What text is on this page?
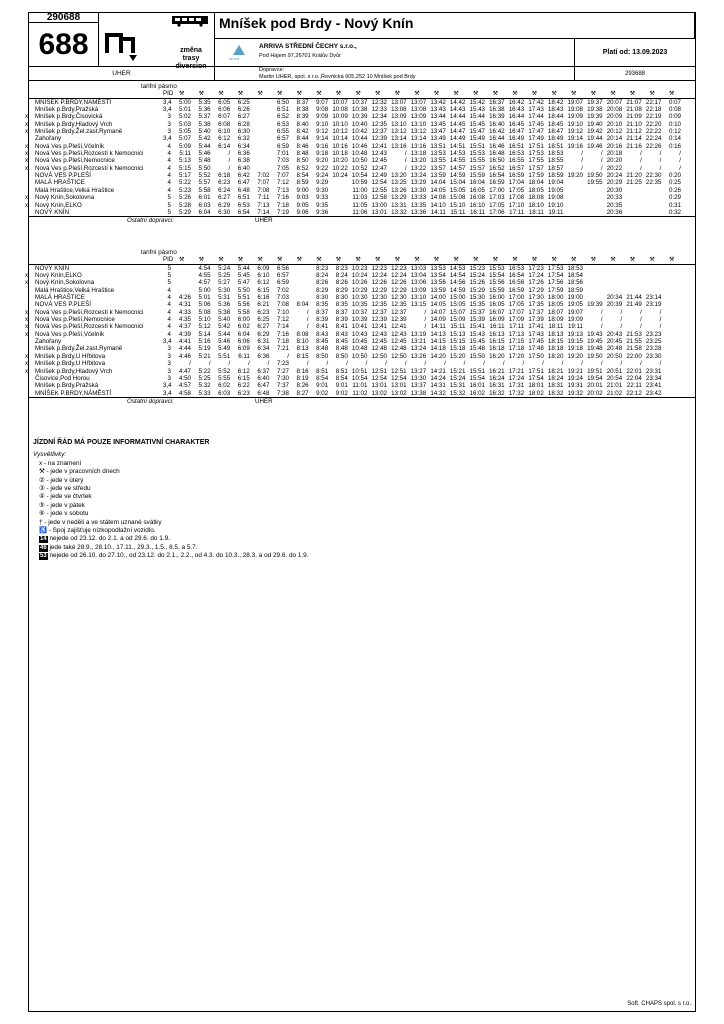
290688
688	změna trasy diversion
Mníšek pod Brdy - Nový Knín
arriva
ARRIVA STŘEDNÍ ČECHY s.r.o.,
Pod Hájem 97,26701 Králův Dvůr	Platí od: 13.09.2023
UHER	Dopravce:
Martin UHER, spol. s r.o.,Řevnická 605,252 10 Mníšek pod Brdy	293688
tarifní pásmo
PID ⚒ ⚒ ⚒ ⚒ ⚒ ⚒ ⚒ ⚒ ⚒ ⚒ ⚒ ⚒ ⚒ ⚒ ⚒ ⚒ ⚒ ⚒ ⚒ ⚒ ⚒ ⚒ ⚒ ⚒ ⚒ ⚒
MNÍŠEK P.BRDY,NÁMĚSTÍ	3,4	5:00	5:35	6:05	6:25	6:50	8:37	9:07 10:07 10:37 12:32 13:07 13:07 13:42 14:42 15:42 16:37 16:42 17:42 18:42 19:07 19:37 20:07 21:07 22:17	0:07
Mníšek p.Brdy,Pražská	3,4	5:01	5:36	6:06	6:26	6:51	8:38	9:08 10:08 10:38 12:33 13:08 13:08 13:43 14:43 15:43 16:38 16:43 17:43 18:43 19:08 19:38 20:08 21:08 22:18	0:08
x Mníšek p.Brdy,Čisovická	3	5:02	5:37	6:07	6:27	6:52	8:39	9:09 10:09 10:39 12:34 13:09 13:09 13:44 14:44 15:44 16:39 16:44 17:44 18:44 19:09 19:39 20:09 21:09 22:19	0:09
x Mníšek p.Brdy,Hladový Vrch	3	5:03	5:38	6:08	6:28	6:53	8:40	9:10 10:10 10:40 12:35 13:10 13:10 13:45 14:45 15:45 16:40 16:45 17:45 18:45 19:10 19:40 20:10 21:10 22:20	0:10
x Mníšek p.Brdy,Žel.zast.Rymaně	3	5:05	5:40	6:10	6:30	6:55	8:42	9:12 10:12 10:42 12:37 13:12 13:12 13:47 14:47 15:47 16:42 16:47 17:47 18:47 19:12 19:42 20:12 21:12 22:22	0:12
Zahořany	3,4	5:07	5:42	6:12	6:32	6:57	8:44	9:14 10:14 10:44 12:39 13:14 13:14 13:49 14:49 15:49 16:44 16:49 17:49 18:49 19:14 19:44 20:14 21:14 22:24	0:14
x Nová Ves p.Pleší,Včelník	4	5:09	5:44	6:14	6:34	6:59	8:46	9:16 10:16 10:46 12:41 13:16 13:16 13:51 14:51 15:51 16:46 16:51 17:51 18:51 19:16 19:46 20:16 21:16 22:26	0:16
x Nová Ves p.Pleší,Rozcestí k Nemocnici	4	5:11	5:46	/	6:36	7:01	8:48	9:18 10:18 10:48 12:43	/ 13:18 13:53 14:53 15:53 16:48 16:53 17:53 18:53	/	/ 20:18	/	/	/
x Nová Ves p.Pleší,Nemocnice	4	5:13	5:48	/	6:38	7:03	8:50	9:20 10:20 10:50 12:45	/ 13:20 13:55 14:55 15:55 16:50 16:55 17:55 18:55	/	/ 20:20	/	/	/
x Nová Ves p.Pleší,Rozcestí k Nemocnici	4	5:15	5:50	/	6:40	7:05	8:52	9:22 10:22 10:52 12:47	/ 13:22 13:57 14:57 15:57 16:52 16:57 17:57 18:57	/	/ 20:22	/	/	/
NOVÁ VES P.PLEŠÍ	4	5:17	5:52	6:18	6:42	7:02	7:07	8:54	9:24 10:24 10:54 12:49 13:20 13:24 13:59 14:59 15:59 16:54 16:59 17:59 18:59 19:20 19:50 20:24 21:20 22:30	0:20
MALÁ HRAŠTICE	4	5:22	5:57	6:23	6:47	7:07	7:12	8:59	9:29	10:59 12:54 13:25 13:29 14:04 15:04 16:04 16:59 17:04 18:04 19:04	19:55 20:29 21:25 22:35	0:25
Malá Hraštice,Velká Hraštice	4	5:23	5:58	6:24	6:48	7:08	7:13	9:00	9:30	11:00 12:55 13:26 13:30 14:05 15:05 16:05 17:00 17:05 18:05 19:05	20:30	0:26
x Nový Knín,Sokolovna	5	5:26	6:01	6:27	6:51	7:11	7:16	9:03	9:33	11:03 12:58 13:29 13:33 14:08 15:08 16:08 17:03 17:08 18:08 19:08	20:33	0:29
x Nový Knín,ELKO	5	5:28	6:03	6:29	6:53	7:13	7:18	9:05	9:35	11:05 13:00 13:31 13:35 14:10 15:10 16:10 17:05 17:10 18:10 19:10	20:35	0:31
NOVÝ KNÍN	5	5:29	6:04	6:30	6:54	7:14	7:19	9:06	9:36	11:06 13:01 13:32 13:36 14:11 15:11 16:11 17:06 17:11 18:11 19:11	20:36	0:32
Ostatní dopravci:	UHER
tarifní pásmo
PID ⚒ ⚒ ⚒ ⚒ ⚒ ⚒ ⚒ ⚒ ⚒ ⚒ ⚒ ⚒ ⚒ ⚒ ⚒ ⚒ ⚒ ⚒ ⚒ ⚒ ⚒ ⚒ ⚒ ⚒ ⚒ ⚒
NOVÝ KNÍN	5	4:54	5:24	5:44	6:09	6:56	8:23	8:23 10:23 12:23 12:23 13:03 13:53 14:53 15:23 15:53 16:53 17:23 17:53 18:53
x Nový Knín,ELKO	5	4:55	5:25	5:45	6:10	6:57	8:24	8:24 10:24 12:24 12:24 13:04 13:54 14:54 15:24 15:54 16:54 17:24 17:54 18:54
x Nový Knín,Sokolovna	5	4:57	5:27	5:47	6:12	6:59	8:26	8:26 10:26 12:26 12:26 13:06 13:56 14:56 15:26 15:56 16:56 17:26 17:56 18:56
Malá Hraštice,Velká Hraštice	4	5:00	5:30	5:50	6:15	7:02	8:29	8:29 10:29 12:29 12:29 13:09 13:59 14:59 15:29 15:59 16:59 17:29 17:59 18:59
MALÁ HRAŠTICE	4	4:26	5:01	5:31	5:51	6:16	7:03	8:30	8:30 10:30 12:30 12:30 13:10 14:00 15:00 15:30 16:00 17:00 17:30 18:00 19:00	20:34 21:44 23:14
NOVÁ VES P.PLEŠÍ	4	4:31	5:06	5:36	5:56	6:21	7:08	8:04	8:35	8:35 10:35 12:35 12:35 13:15 14:05 15:05 15:35 16:05 17:05 17:35 18:05 19:05 19:39 20:39 21:49 23:19
x Nová Ves p.Pleší,Rozcestí k Nemocnici	4	4:33	5:08	5:38	5:58	6:23	7:10	/	8:37	8:37 10:37 12:37 12:37	/ 14:07 15:07 15:37 16:07 17:07 17:37 18:07 19:07	/	/	/	/
x Nová Ves p.Pleší,Nemocnice	4	4:35	5:10	5:40	6:00	6:25	7:12	/	8:39	8:39 10:39 12:39 12:39	/ 14:09 15:09 15:39 16:09 17:09 17:39 18:09 19:09	/	/	/	/
x Nová Ves p.Pleší,Rozcestí k Nemocnici	4	4:37	5:12	5:42	6:02	6:27	7:14	/	8:41	8:41 10:41 12:41 12:41	/ 14:11 15:11 15:41 16:11 17:11 17:41 18:11 19:11	/	/	/	/
x Nová Ves p.Pleší,Včelník	4	4:39	5:14	5:44	6:04	6:29	7:16	8:08	8:43	8:43 10:43 12:43 12:43 13:19 14:13 15:13 15:43 16:13 17:13 17:43 18:13 19:13 19:43 20:43 21:53 23:23
Zahořany	3,4	4:41	5:16	5:46	6:06	6:31	7:18	8:10	8:45	8:45 10:45 12:45 12:45 13:21 14:15 15:15 15:45 16:15 17:15 17:45 18:15 19:15 19:45 20:45 21:55 23:25
Mníšek p.Brdy,Žel.zast.Rymaně	3	4:44	5:19	5:49	6:09	6:34	7:21	8:13	8:48	8:48 10:48 12:48 12:48 13:24 14:18 15:18 15:48 16:18 17:18 17:48 18:18 19:18 19:48 20:48 21:58 23:28
x Mníšek p.Brdy,U Hřbitova	3	4:46	5:21	5:51	6:11	6:36	/	8:15	8:50	8:50 10:50 12:50 12:50 13:26 14:20 15:20 15:50 16:20 17:20 17:50 18:20 19:20 19:50 20:50 22:00 23:30
x Mníšek p.Brdy,U Hřbitova	3	/	/	/	/	/	7:23	/	/	/	/	/	/	/	/	/	/	/	/	/	/	/	/	/	/	/
x Mníšek p.Brdy,Hladový Vrch	3	4:47	5:22	5:52	6:12	6:37	7:27	8:16	8:51	8:51 10:51 12:51 12:51 13:27 14:21 15:21 15:51 16:21 17:21 17:51 18:21 19:21 19:51 20:51 22:01 23:31
Čisovice,Pod Horou	3	4:50	5:25	5:55	6:15	6:40	7:30	8:19	8:54	8:54 10:54 12:54 12:54 13:30 14:24 15:24 15:54 16:24 17:24 17:54 18:24 19:24 19:54 20:54 22:04 23:34
Mníšek p.Brdy,Pražská	3,4	4:57	5:32	6:02	6:22	6:47	7:37	8:26	9:01	9:01 11:01 13:01 13:01 13:37 14:31 15:31 16:01 16:31 17:31 18:01 18:31 19:31 20:01 21:01 22:11 23:41
MNÍŠEK P.BRDY,NÁMĚSTÍ	3,4	4:58	5:33	6:03	6:23	6:48	7:38	8:27	9:02	9:02 11:02 13:02 13:02 13:38 14:32 15:32 16:02 16:32 17:32 18:02 18:32 19:32 20:02 21:02 22:12 23:42
Ostatní dopravci:	UHER
JÍZDNÍ ŘÁD MÁ POUZE INFORMATIVNÍ CHARAKTER
Vysvětlivky:
x - na znamení
⚒ - jede v pracovních dnech
② - jede v úterý
③ - jede ve středu
④ - jede ve čtvrtek
⑤ - jede v pátek
⑥ - jede v sobotu
† - jede v neděli a ve státem uznané svátky
♿ - Spoj zajišťuje nízkopodlažní vozidlo.
14 nejede od 23.12. do 2.1. a od 29.6. do 1.9.
46 jede také 28.9., 28.10., 17.11., 29.3., 1.5., 8.5. a 5.7.
53 nejede od 26.10. do 27.10., od 23.12. do 2.1., 2.2., od 4.3. do 10.3., 28.3. a od 29.6. do 1.9.
Soft. CHAPS spol. s r.o.
